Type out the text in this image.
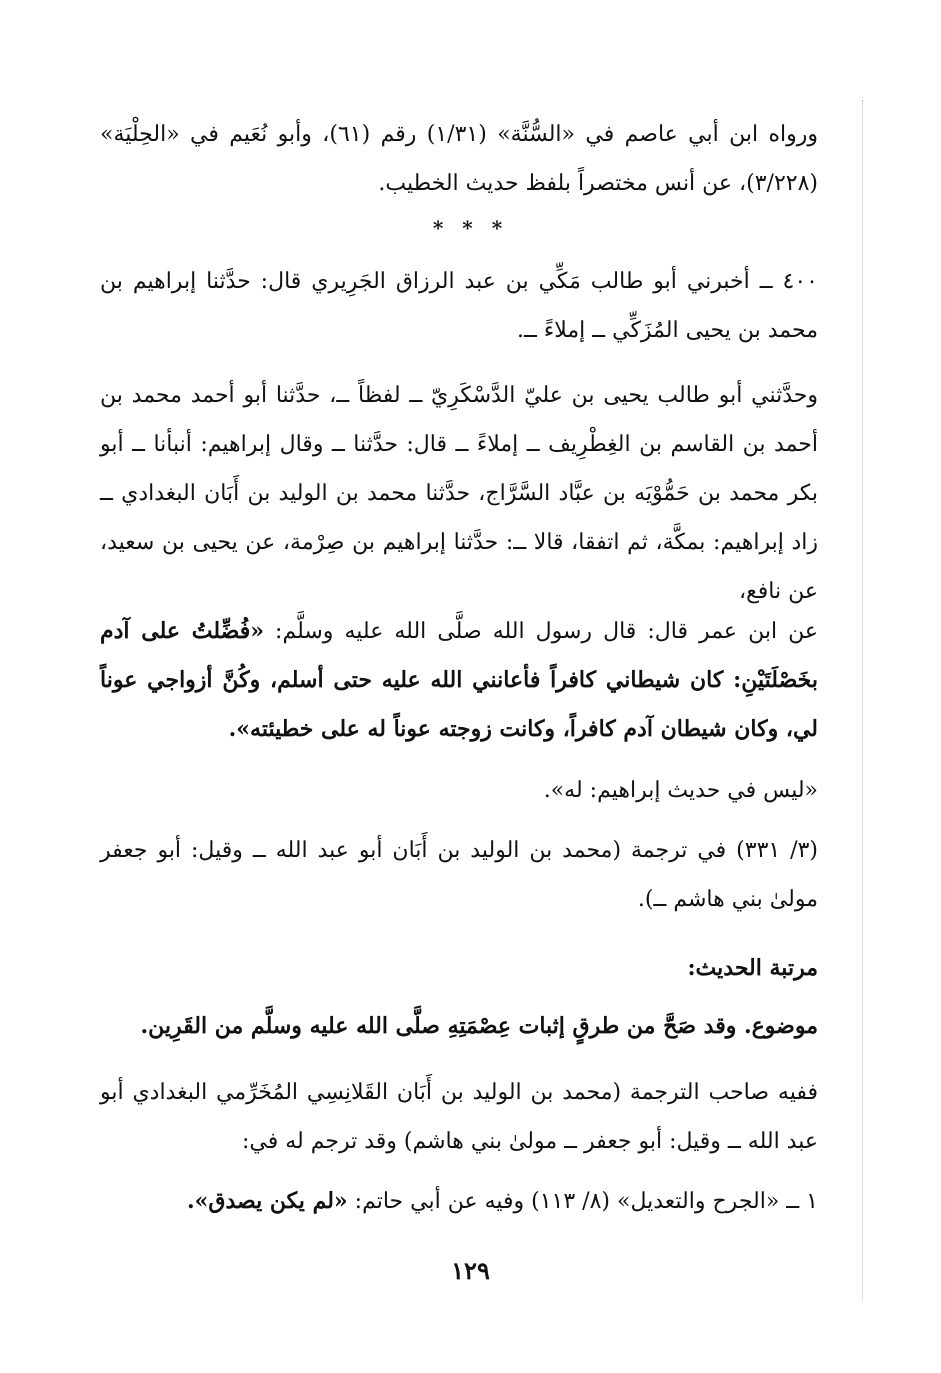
ورواه ابن أبي عاصم في «السُّنَّة» (١/٣١) رقم (٦١)، وأبو نُعَيم في «الحِلْيَة» (٣/٢٢٨)، عن أنس مختصراً بلفظ حديث الخطيب.
* * *
٤٠٠ ــ أخبرني أبو طالب مَكِّي بن عبد الرزاق الجَرِيري قال: حدَّثنا إبراهيم بن محمد بن يحيى المُزَكِّي ــ إملاءً ــ.
وحدَّثني أبو طالب يحيى بن عليّ الدَّسْكَرِيّ ــ لفظاً ــ، حدَّثنا أبو أحمد محمد بن أحمد بن القاسم بن الغِطْرِيف ــ إملاءً ــ قال: حدَّثنا ــ وقال إبراهيم: أنبأنا ــ أبو بكر محمد بن حَمُّوْيَه بن عبَّاد السَّرَّاج، حدَّثنا محمد بن الوليد بن أَبَان البغدادي ــ زاد إبراهيم: بمكَّة، ثم اتفقا، قالا ــ: حدَّثنا إبراهيم بن صِرْمة، عن يحيى بن سعيد، عن نافع،
عن ابن عمر قال: قال رسول الله صلَّى الله عليه وسلَّم: «فُضِّلتُ على آدم بخَصْلَتَيْنِ: كان شيطاني كافراً فأعانني الله عليه حتى أسلم، وكُنَّ أزواجي عوناً لي، وكان شيطان آدم كافراً، وكانت زوجته عوناً له على خطيئته».
«ليس في حديث إبراهيم: له».
(٣/ ٣٣١) في ترجمة (محمد بن الوليد بن أَبَان أبو عبد الله ــ وقيل: أبو جعفر مولىٰ بني هاشم ــ).
مرتبة الحديث:
موضوع. وقد صَحَّ من طرقٍ إثبات عِصْمَتِهِ صلَّى الله عليه وسلَّم من القَرِين.
ففيه صاحب الترجمة (محمد بن الوليد بن أَبَان القَلانِسِي المُخَرِّمي البغدادي أبو عبد الله ــ وقيل: أبو جعفر ــ مولىٰ بني هاشم) وقد ترجم له في:
١ ــ «الجرح والتعديل» (٨/ ١١٣) وفيه عن أبي حاتم: «لم يكن يصدق».
١٢٩
